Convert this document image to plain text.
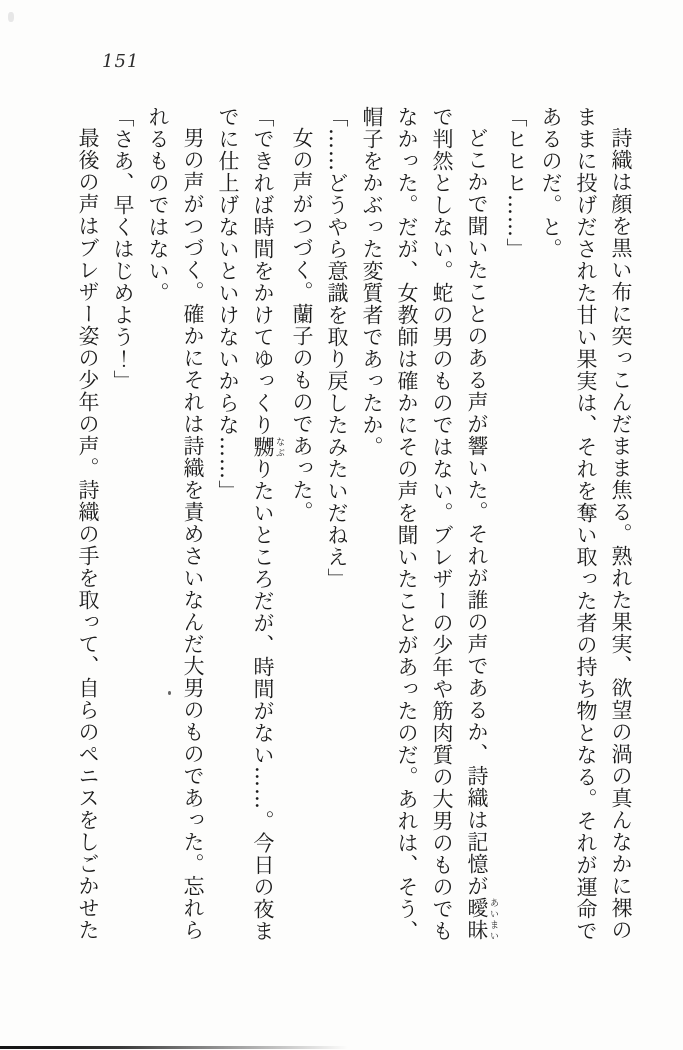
151

詩織は顔を黒い布に突っこんだまま焦る。熟れた果実、欲望の渦の真んなかに裸の

ままに投げだされた甘い果実は、それを奪い取った者の持ち物となる。それが運命で

あるのだ。と。

「ヒヒヒ……」

どこかで聞いたことのある声が響いた。それが誰の声であるか、詩織は記憶が曖昧 あいまい

で判然としない。蛇の男のものではない。ブレザーの少年や筋肉質の大男のものでも

なかった。だが、女教師は確かにその声を聞いたことがあったのだ。あれは、そう、

帽子をかぶった変質者であったか。

「……どうやら意識を取り戻したみたいだねえ」

女の声がつづく。蘭子のものであった。

「できれば時間をかけてゆっくり嬲 なぶりたいところだが、時間がない……。今日の夜ま

でに仕上げないといけないからな……」

男の声がつづく。確かにそれは詩織を責めさいなんだ大男のものであった。忘れら

れるものではない。

「さあ、早くはじめよう！」

最後の声はブレザー姿の少年の声。詩織の手を取って、自らのペニスをしごかせた
